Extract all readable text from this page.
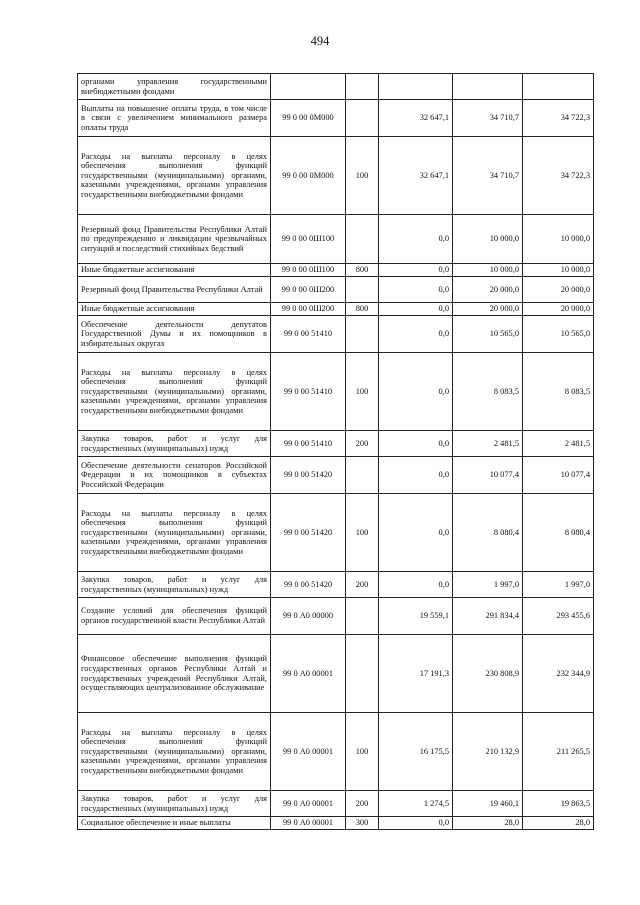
494
органами управления государственными внебюджетными фондами					
Выплаты на повышение оплаты труда, в том числе в связи с увеличением минимального размера оплаты труда	99 0 00 0М000		32 647,1	34 710,7	34 722,3
Расходы на выплаты персоналу в целях обеспечения выполнения функций государственными (муниципальными) органами, казенными учреждениями, органами управления государственными внебюджетными фондами	99 0 00 0М000	100	32 647,1	34 710,7	34 722,3
Резервный фонд Правительства Республики Алтай по предупреждению и ликвидации чрезвычайных ситуаций и последствий стихийных бедствий	99 0 00 0Ш100		0,0	10 000,0	10 000,0
Иные бюджетные ассигнования	99 0 00 0Ш100	800	0,0	10 000,0	10 000,0
Резервный фонд Правительства Республики Алтай	99 0 00 0Ш200		0,0	20 000,0	20 000,0
Иные бюджетные ассигнования	99 0 00 0Ш200	800	0,0	20 000,0	20 000,0
Обеспечение деятельности депутатов Государственной Думы и их помощников в избирательных округах	99 0 00 51410		0,0	10 565,0	10 565,0
Расходы на выплаты персоналу в целях обеспечения выполнения функций государственными (муниципальными) органами, казенными учреждениями, органами управления государственными внебюджетными фондами	99 0 00 51410	100	0,0	8 083,5	8 083,5
Закупка товаров, работ и услуг для государственных (муниципальных) нужд	99 0 00 51410	200	0,0	2 481,5	2 481,5
Обеспечение деятельности сенаторов Российской Федерации и их помощников в субъектах Российской Федерации	99 0 00 51420		0,0	10 077,4	10 077,4
Расходы на выплаты персоналу в целях обеспечения выполнения функций государственными (муниципальными) органами, казенными учреждениями, органами управления государственными внебюджетными фондами	99 0 00 51420	100	0,0	8 080,4	8 080,4
Закупка товаров, работ и услуг для государственных (муниципальных) нужд	99 0 00 51420	200	0,0	1 997,0	1 997,0
Создание условий для обеспечения функций органов государственной власти Республики Алтай	99 0 А0 00000		19 559,1	291 834,4	293 455,6
Финансовое обеспечение выполнения функций государственных органов Республики Алтай и государственных учреждений Республики Алтай, осуществляющих централизованное обслуживание	99 0 А0 00001		17 191,3	230 808,9	232 344,9
Расходы на выплаты персоналу в целях обеспечения выполнения функций государственными (муниципальными) органами, казенными учреждениями, органами управления государственными внебюджетными фондами	99 0 А0 00001	100	16 175,5	210 132,9	211 265,5
Закупка товаров, работ и услуг для государственных (муниципальных) нужд	99 0 А0 00001	200	1 274,5	19 460,1	19 863,5
Социальное обеспечение и иные выплаты	99 0 А0 00001	300	0,0	28,0	28,0
